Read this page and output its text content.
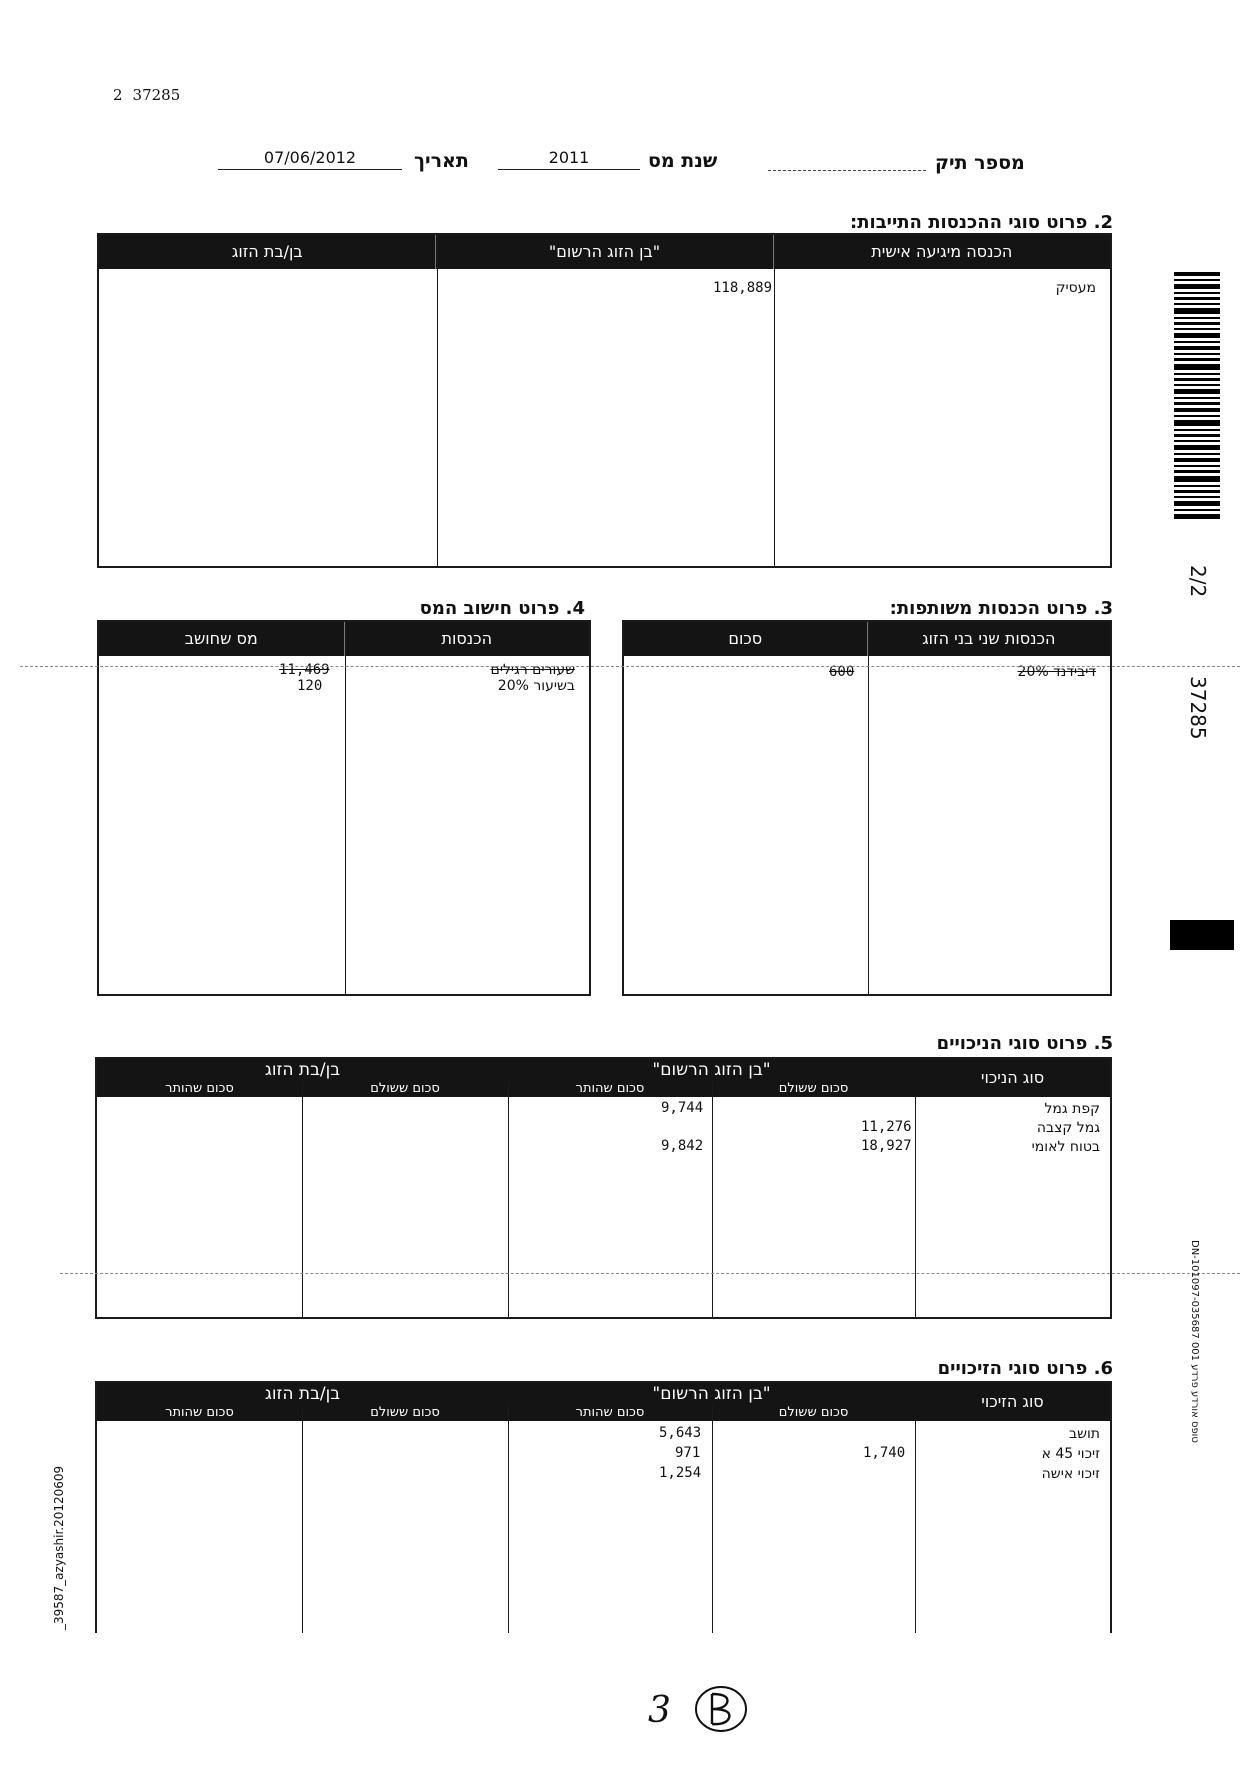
2 37285
מספר תיק
שנת מס
2011
תאריך
07/06/2012
2. פרוט סוגי ההכנסות התייבות:
הכנסה מיגיעה אישית
"בן הזוג הרשום"
בן/בת הזוג
מעסיק
118,889
3. פרוט הכנסות משותפות:
הכנסות שני בני הזוג
סכום
דיבידנד 20%
600
4. פרוט חישוב המס
הכנסות
מס שחושב
שעורים רגילים
11,469
בשיעור 20%
120
5. פרוט סוגי הניכויים
"בן הזוג הרשום"
בן/בת הזוג
סכום ששולם
סכום שהותר
סכום ששולם
סכום שהותר
סוג הניכוי
קפת גמל
9,744
גמל קצבה
11,276
בטוח לאומי
18,927
9,842
6. פרוט סוגי הזיכויים
"בן הזוג הרשום"
בן/בת הזוג
סכום ששולם
סכום שהותר
סכום ששולם
סכום שהותר
סוג הזיכוי
תושב
5,643
זיכוי 45 א
1,740
971
זיכוי אישה
1,254
2/2
37285
DN-101097-035687 טופס אורדע פרדע 001
_39587_azyashir.20120609
3
